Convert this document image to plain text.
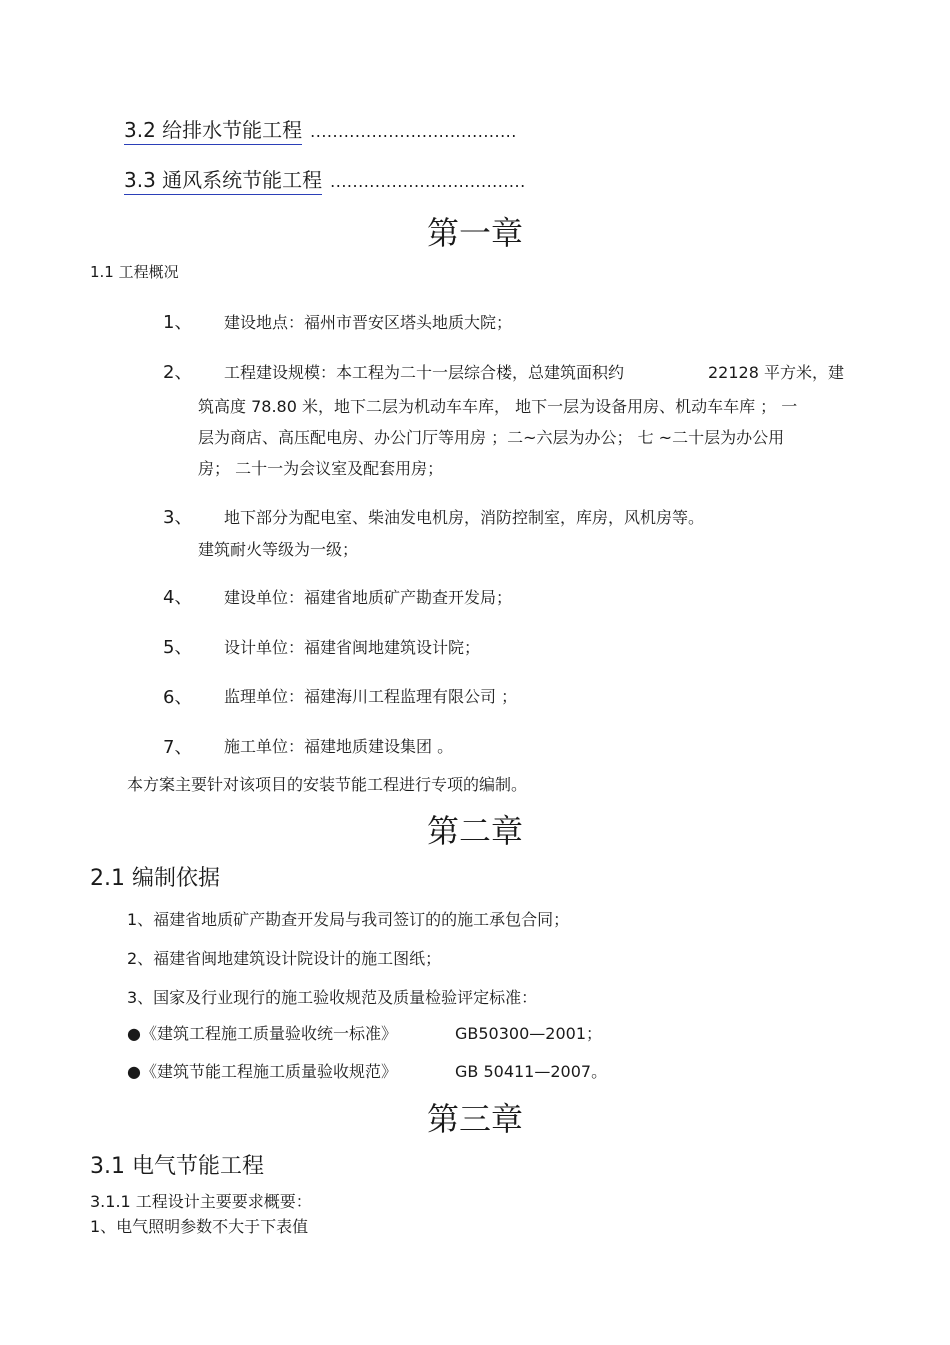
3.2 给排水节能工程 .....................................
3.3 通风系统节能工程 ...................................
第一章
1.1 工程概况
1、 建设地点：福州市晋安区塔头地质大院；
2、 工程建设规模：本工程为二十一层综合楼，总建筑面积约	22128 平方米，建
筑高度 78.80 米，地下二层为机动车车库， 地下一层为设备用房、机动车车库 ； 一
层为商店、高压配电房、办公门厅等用房 ；二~六层为办公； 七 ~二十层为办公用
房； 二十一为会议室及配套用房；
3、 地下部分为配电室、柴油发电机房，消防控制室，库房，风机房等。
建筑耐火等级为一级；
4、 建设单位：福建省地质矿产勘查开发局；
5、 设计单位：福建省闽地建筑设计院；
6、 监理单位：福建海川工程监理有限公司 ；
7、 施工单位：福建地质建设集团 。
本方案主要针对该项目的安装节能工程进行专项的编制。
第二章
2.1 编制依据
1、福建省地质矿产勘查开发局与我司签订的的施工承包合同；
2、福建省闽地建筑设计院设计的施工图纸；
3、国家及行业现行的施工验收规范及质量检验评定标准：
●《建筑工程施工质量验收统一标准》	GB50300—2001；
●《建筑节能工程施工质量验收规范》	GB 50411—2007。
第三章
3.1 电气节能工程
3.1.1 工程设计主要要求概要：
1、电气照明参数不大于下表值
